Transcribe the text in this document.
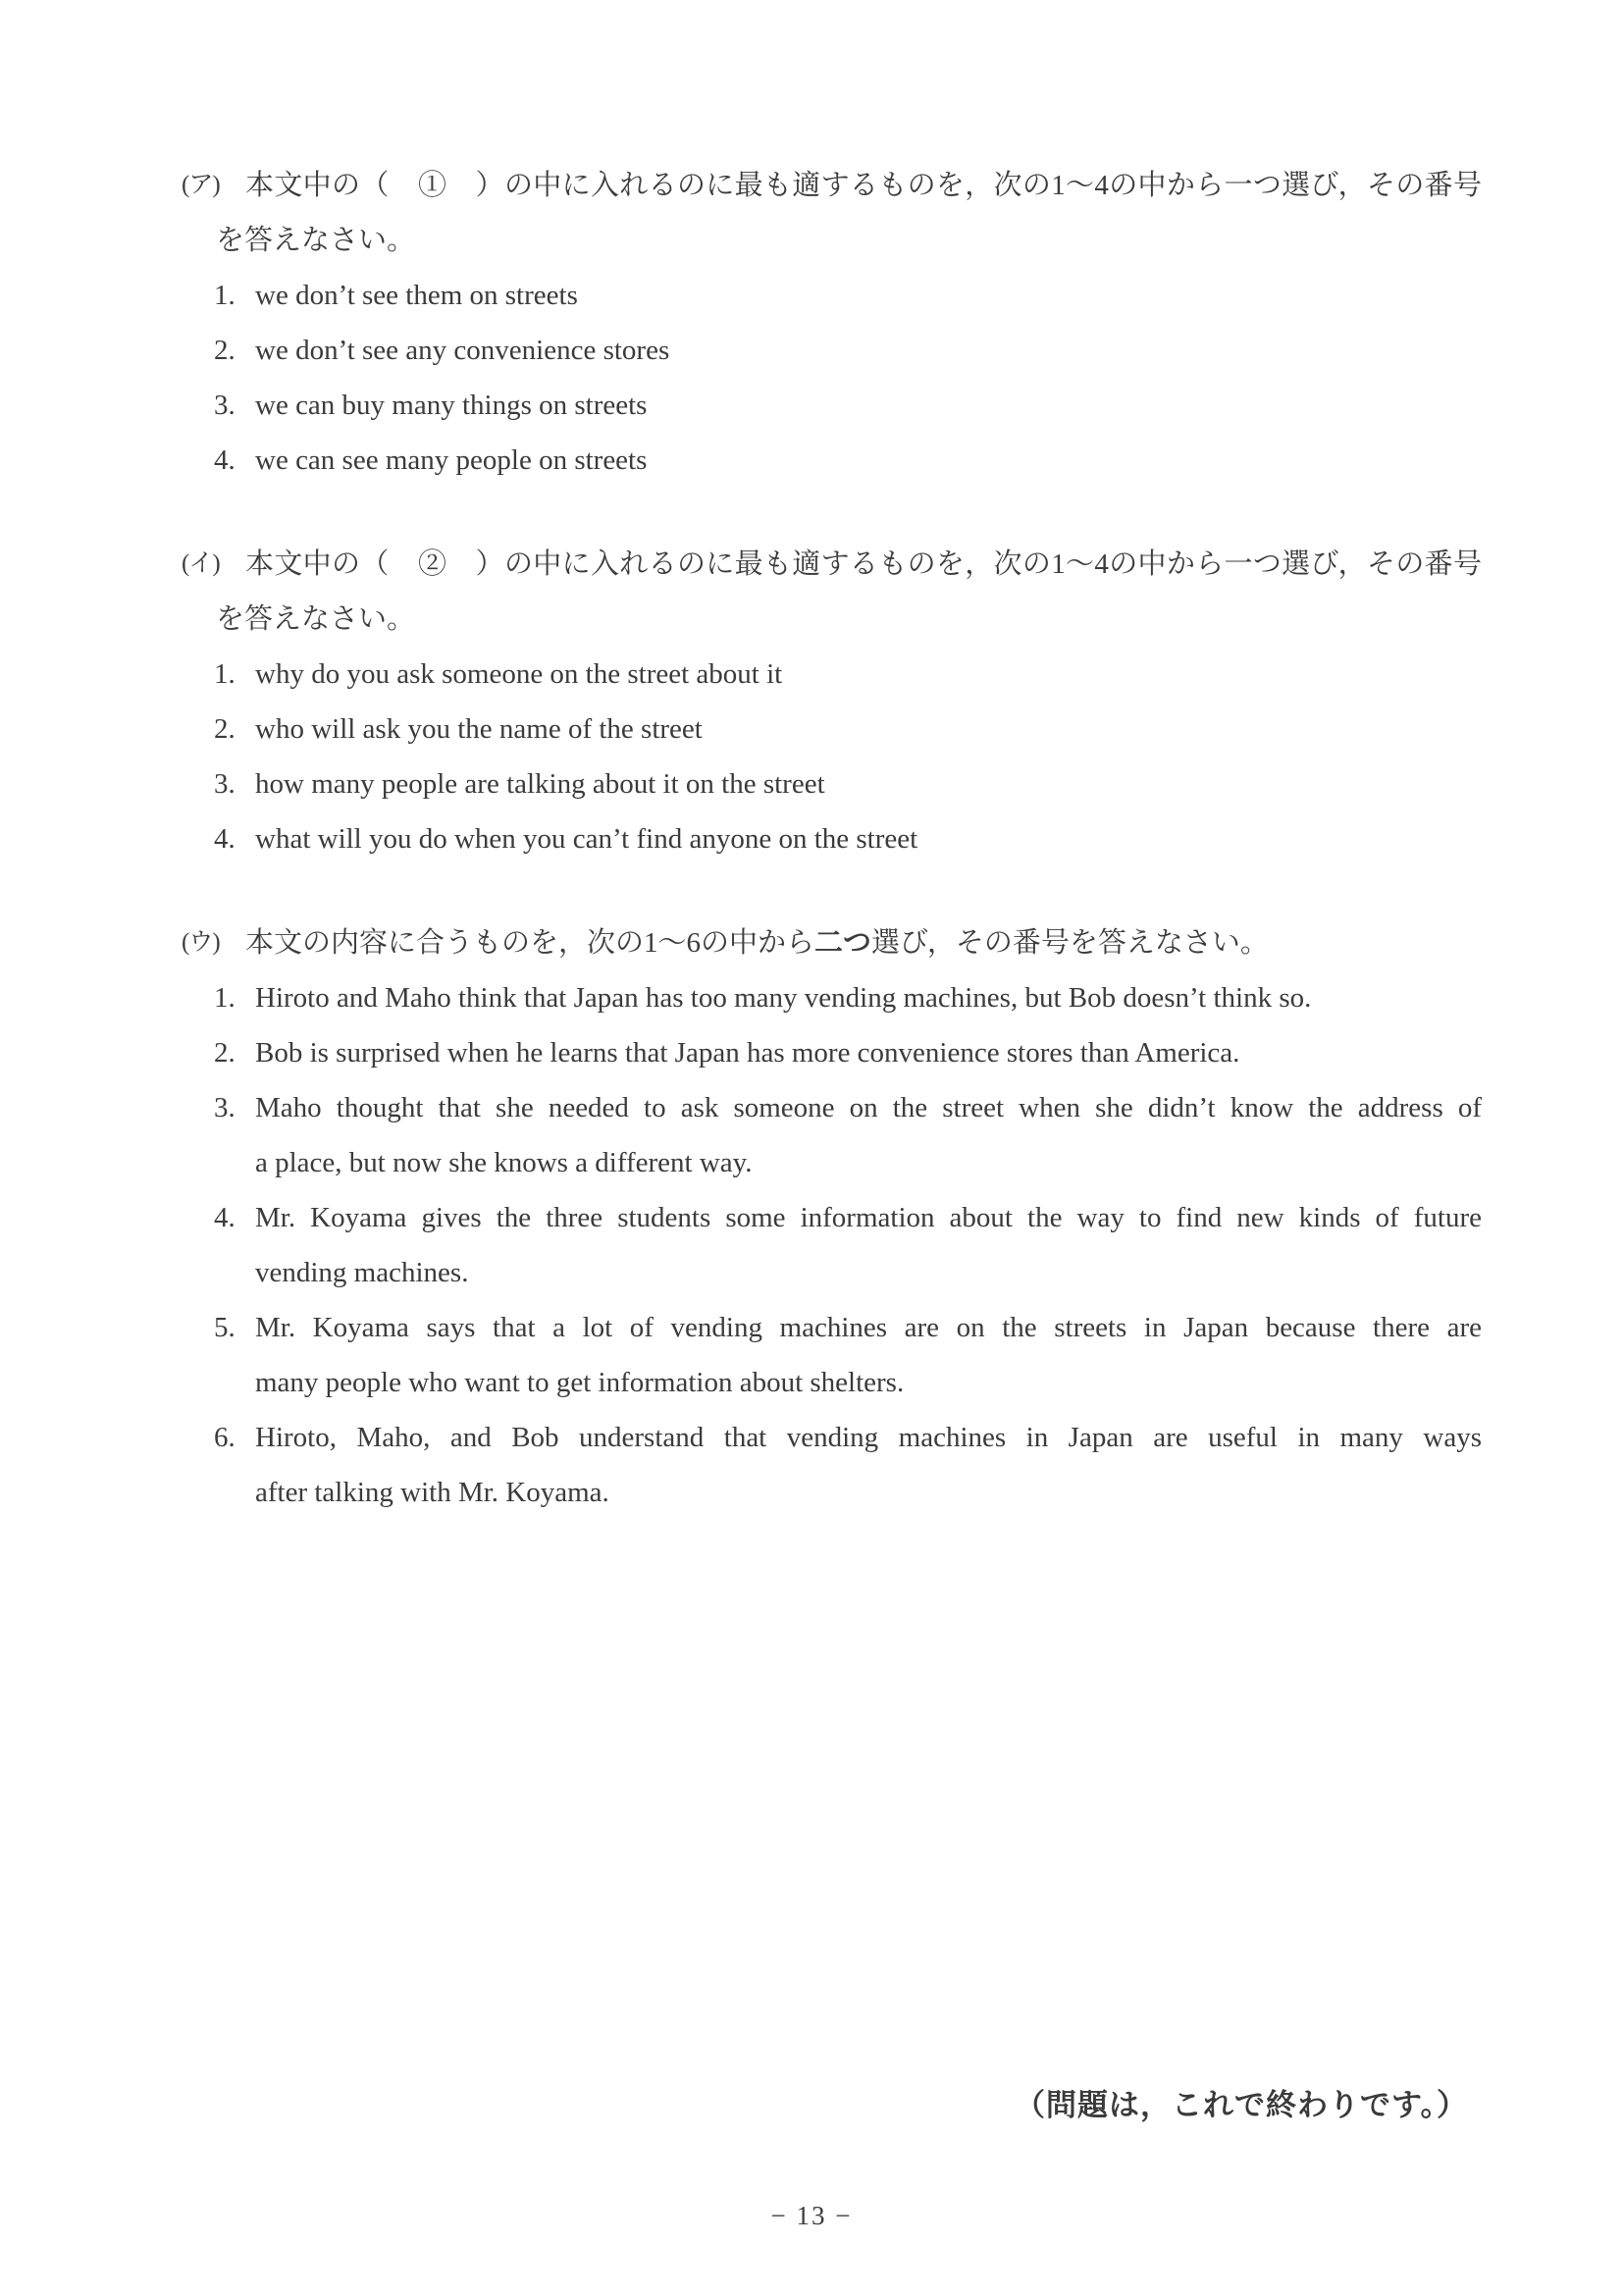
(ア) 本文中の（　①　）の中に入れるのに最も適するものを，次の1～4の中から一つ選び，その番号
を答えなさい。
1. we don’t see them on streets
2. we don’t see any convenience stores
3. we can buy many things on streets
4. we can see many people on streets
(イ) 本文中の（　②　）の中に入れるのに最も適するものを，次の1～4の中から一つ選び，その番号
を答えなさい。
1. why do you ask someone on the street about it
2. who will ask you the name of the street
3. how many people are talking about it on the street
4. what will you do when you can’t find anyone on the street
(ウ) 本文の内容に合うものを，次の1～6の中から二つ選び，その番号を答えなさい。
1. Hiroto and Maho think that Japan has too many vending machines, but Bob doesn’t think so.
2. Bob is surprised when he learns that Japan has more convenience stores than America.
3. Maho thought that she needed to ask someone on the street when she didn’t know the address of
a place, but now she knows a different way.
4. Mr. Koyama gives the three students some information about the way to find new kinds of future
vending machines.
5. Mr. Koyama says that a lot of vending machines are on the streets in Japan because there are
many people who want to get information about shelters.
6. Hiroto, Maho, and Bob understand that vending machines in Japan are useful in many ways
after talking with Mr. Koyama.
（問題は，これで終わりです。）
− 13 −
